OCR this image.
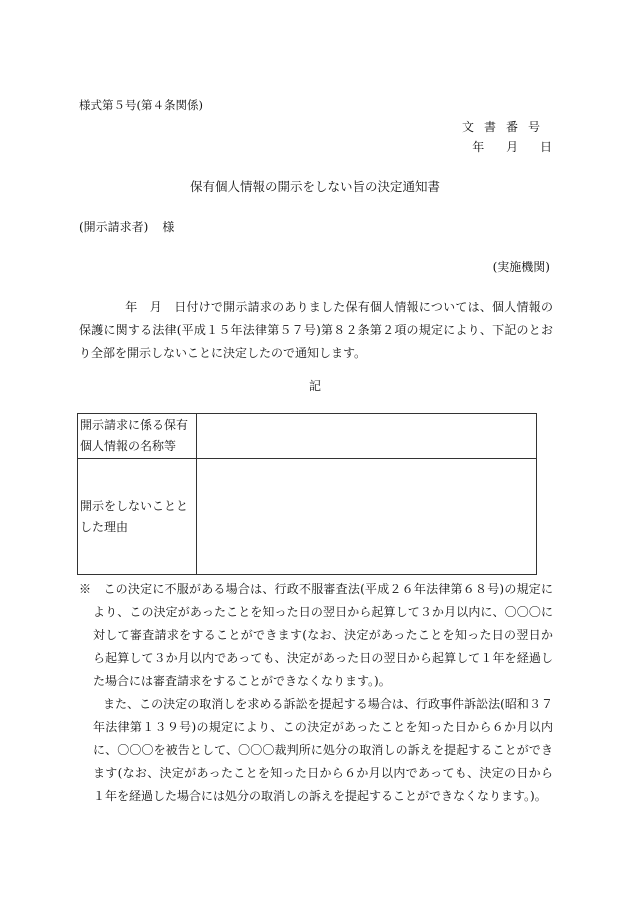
様式第５号(第４条関係)
文書番号
年 月 日
保有個人情報の開示をしない旨の決定通知書
(開示請求者) 様
(実施機関)
年 月 日付けで開示請求のありました保有個人情報については、個人情報の保護に関する法律(平成１５年法律第５７号)第８２条第２項の規定により、下記のとおり全部を開示しないことに決定したので通知します。
記
開示請求に係る保有個人情報の名称等	
開示をしないこととした理由	

※　この決定に不服がある場合は、行政不服審査法(平成２６年法律第６８号)の規定により、この決定があったことを知った日の翌日から起算して３か月以内に、〇〇〇に対して審査請求をすることができます(なお、決定があったことを知った日の翌日から起算して３か月以内であっても、決定があった日の翌日から起算して１年を経過した場合には審査請求をすることができなくなります。)。

また、この決定の取消しを求める訴訟を提起する場合は、行政事件訴訟法(昭和３７年法律第１３９号)の規定により、この決定があったことを知った日から６か月以内に、〇〇〇を被告として、〇〇〇裁判所に処分の取消しの訴えを提起することができます(なお、決定があったことを知った日から６か月以内であっても、決定の日から１年を経過した場合には処分の取消しの訴えを提起することができなくなります。)。
